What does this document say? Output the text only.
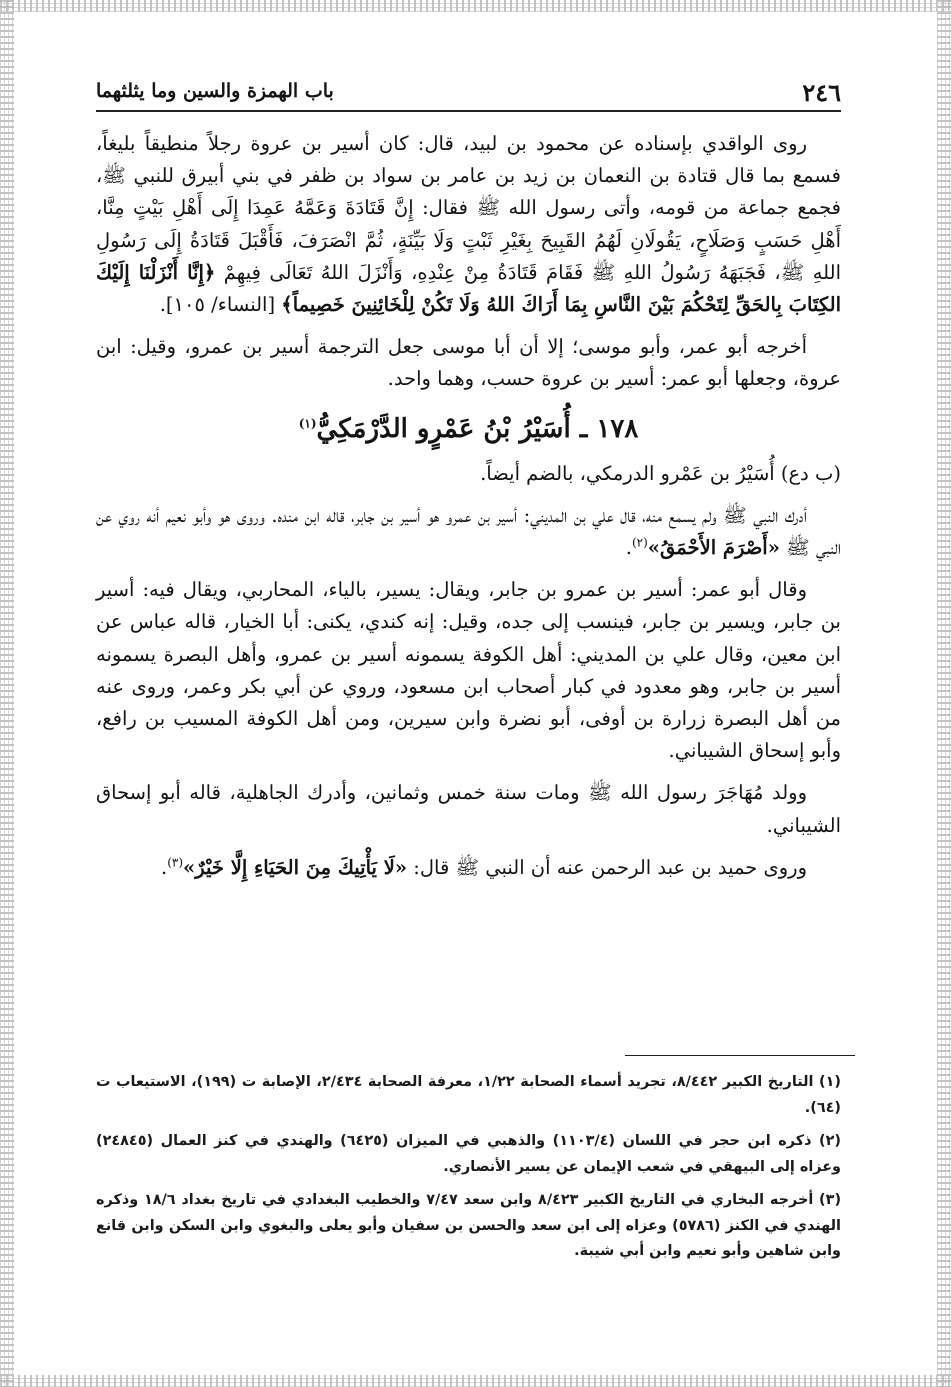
٢٤٦
باب الهمزة والسين وما يثلثهما

روى الواقدي بإسناده عن محمود بن لبيد، قال: كان أسير بن عروة رجلاً منطيقاً بليغاً، فسمع بما قال قتادة بن النعمان بن زيد بن عامر بن سواد بن ظفر في بني أبيرق للنبي ﷺ، فجمع جماعة من قومه، وأتى رسول الله ﷺ فقال: إِنَّ قَتَادَةَ وَعَمَّهُ عَمِدَا إِلَى أَهْلِ بَيْتٍ مِنَّا، أَهْلِ حَسَبٍ وَصَلَاحٍ، يَقُولَانِ لَهُمُ القَبِيحَ بِغَيْرِ ثَبْتٍ وَلَا بَيِّنَةٍ، ثُمَّ انْصَرَفَ، فَأَقْبَلَ قَتَادَةُ إِلَى رَسُولِ اللهِ ﷺ، فَجَبَهَهُ رَسُولُ اللهِ ﷺ فَقَامَ قَتَادَةُ مِنْ عِنْدِهِ، وَأَنْزَلَ اللهُ تَعَالَى فِيهِمْ ﴿إِنَّا أَنْزَلْنَا إِلَيْكَ الكِتَابَ بِالحَقِّ لِتَحْكُمَ بَيْنَ النَّاسِ بِمَا أَرَاكَ اللهُ وَلَا تَكُنْ لِلْخَائِنِينَ خَصِيماً﴾ [النساء/ ١٠٥].

أخرجه أبو عمر، وأبو موسى؛ إلا أن أبا موسى جعل الترجمة أسير بن عمرو، وقيل: ابن عروة، وجعلها أبو عمر: أسير بن عروة حسب، وهما واحد.

١٧٨ ـ أُسَيْرُ بْنُ عَمْرٍو الدَّرْمَكِيُّ$^{(١)}$

(ب دع) أُسَيْرُ بن عَمْرو الدرمكي، بالضم أيضاً.

أدرك النبي ﷺ ولم يسمع منه، قال علي بن المديني: أسير بن عمرو هو أسير بن جابر، قاله ابن منده. وروى هو وأبو نعيم أنه روي عن النبي ﷺ «أَصْرَمَ الأَحْمَقُ»$^{(٢)}$.

وقال أبو عمر: أسير بن عمرو بن جابر، ويقال: يسير، بالياء، المحاربي، ويقال فيه: أسير بن جابر، ويسير بن جابر، فينسب إلى جده، وقيل: إنه كندي، يكنى: أبا الخيار، قاله عباس عن ابن معين، وقال علي بن المديني: أهل الكوفة يسمونه أسير بن عمرو، وأهل البصرة يسمونه أسير بن جابر، وهو معدود في كبار أصحاب ابن مسعود، وروي عن أبي بكر وعمر، وروى عنه من أهل البصرة زرارة بن أوفى، أبو نضرة وابن سيرين، ومن أهل الكوفة المسيب بن رافع، وأبو إسحاق الشيباني.

وولد مُهَاجَرَ رسول الله ﷺ ومات سنة خمس وثمانين، وأدرك الجاهلية، قاله أبو إسحاق الشيباني.

وروى حميد بن عبد الرحمن عنه أن النبي ﷺ قال: «لَا يَأْتِيكَ مِنَ الحَيَاءِ إِلَّا خَيْرٌ»$^{(٣)}$.

(١) التاريخ الكبير ٨/٤٤٢، تجريد أسماء الصحابة ١/٢٢، معرفة الصحابة ٢/٤٣٤، الإصابة ت (١٩٩)، الاستيعاب ت (٦٤).

(٢) ذكره ابن حجر في اللسان (١١٠٣/٤) والذهبي في الميزان (٦٤٢٥) والهندي في كنز العمال (٢٤٨٤٥) وعزاه إلى البيهقي في شعب الإيمان عن يسير الأنصاري.

(٣) أخرجه البخاري في التاريخ الكبير ٨/٤٢٣ وابن سعد ٧/٤٧ والخطيب البغدادي في تاريخ بغداد ١٨/٦ وذكره الهندي في الكنز (٥٧٨٦) وعزاه إلى ابن سعد والحسن بن سفيان وأبو يعلى والبغوي وابن السكن وابن قانع وابن شاهين وأبو نعيم وابن أبي شيبة.
